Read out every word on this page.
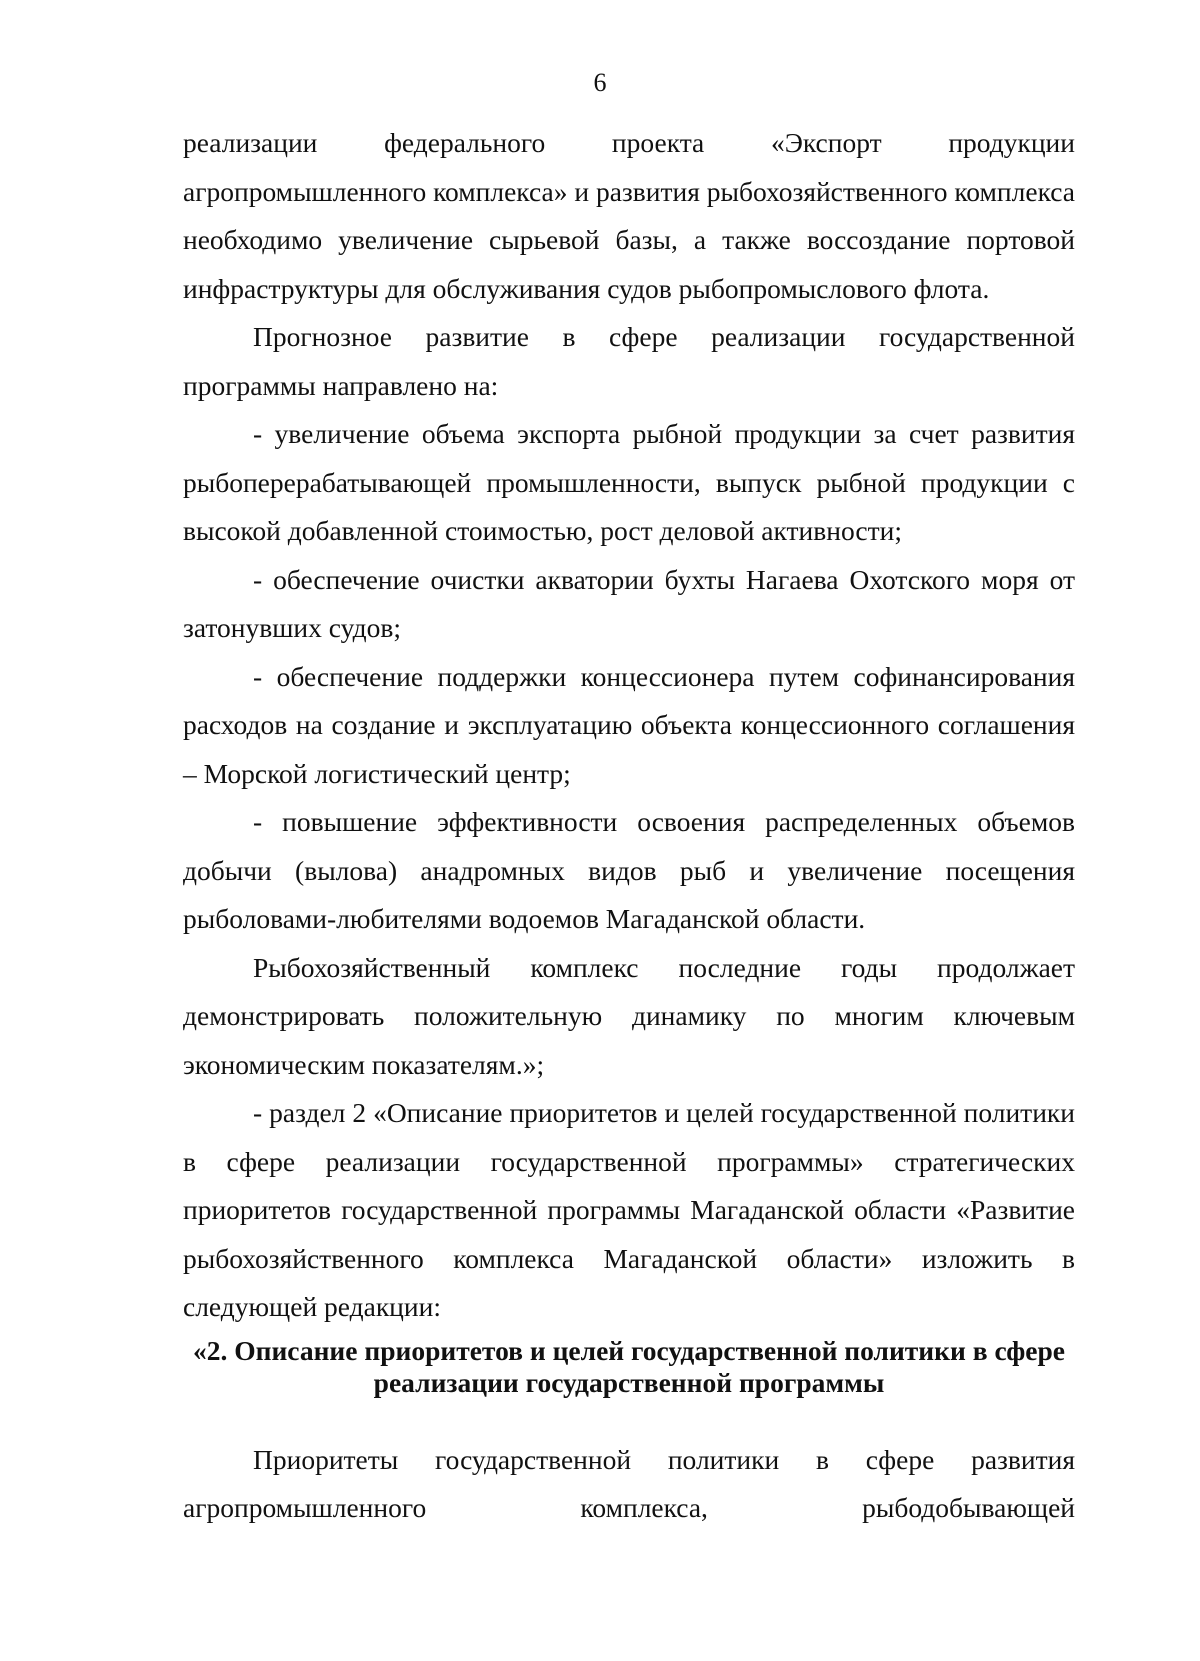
6

реализации федерального проекта «Экспорт продукции агропромышленного комплекса» и развития рыбохозяйственного комплекса необходимо увеличение сырьевой базы, а также воссоздание портовой инфраструктуры для обслуживания судов рыбопромыслового флота.

Прогнозное развитие в сфере реализации государственной программы направлено на:

- увеличение объема экспорта рыбной продукции за счет развития рыбоперерабатывающей промышленности, выпуск рыбной продукции с высокой добавленной стоимостью, рост деловой активности;

- обеспечение очистки акватории бухты Нагаева Охотского моря от затонувших судов;

- обеспечение поддержки концессионера путем софинансирования расходов на создание и эксплуатацию объекта концессионного соглашения – Морской логистический центр;

- повышение эффективности освоения распределенных объемов добычи (вылова) анадромных видов рыб и увеличение посещения рыболовами-любителями водоемов Магаданской области.

Рыбохозяйственный комплекс последние годы продолжает демонстрировать положительную динамику по многим ключевым экономическим показателям.»;

- раздел 2 «Описание приоритетов и целей государственной политики в сфере реализации государственной программы» стратегических приоритетов государственной программы Магаданской области «Развитие рыбохозяйственного комплекса Магаданской области» изложить в следующей редакции:

«2. Описание приоритетов и целей государственной политики в сфере
реализации государственной программы

Приоритеты государственной политики в сфере развития агропромышленного комплекса, рыбодобывающей
